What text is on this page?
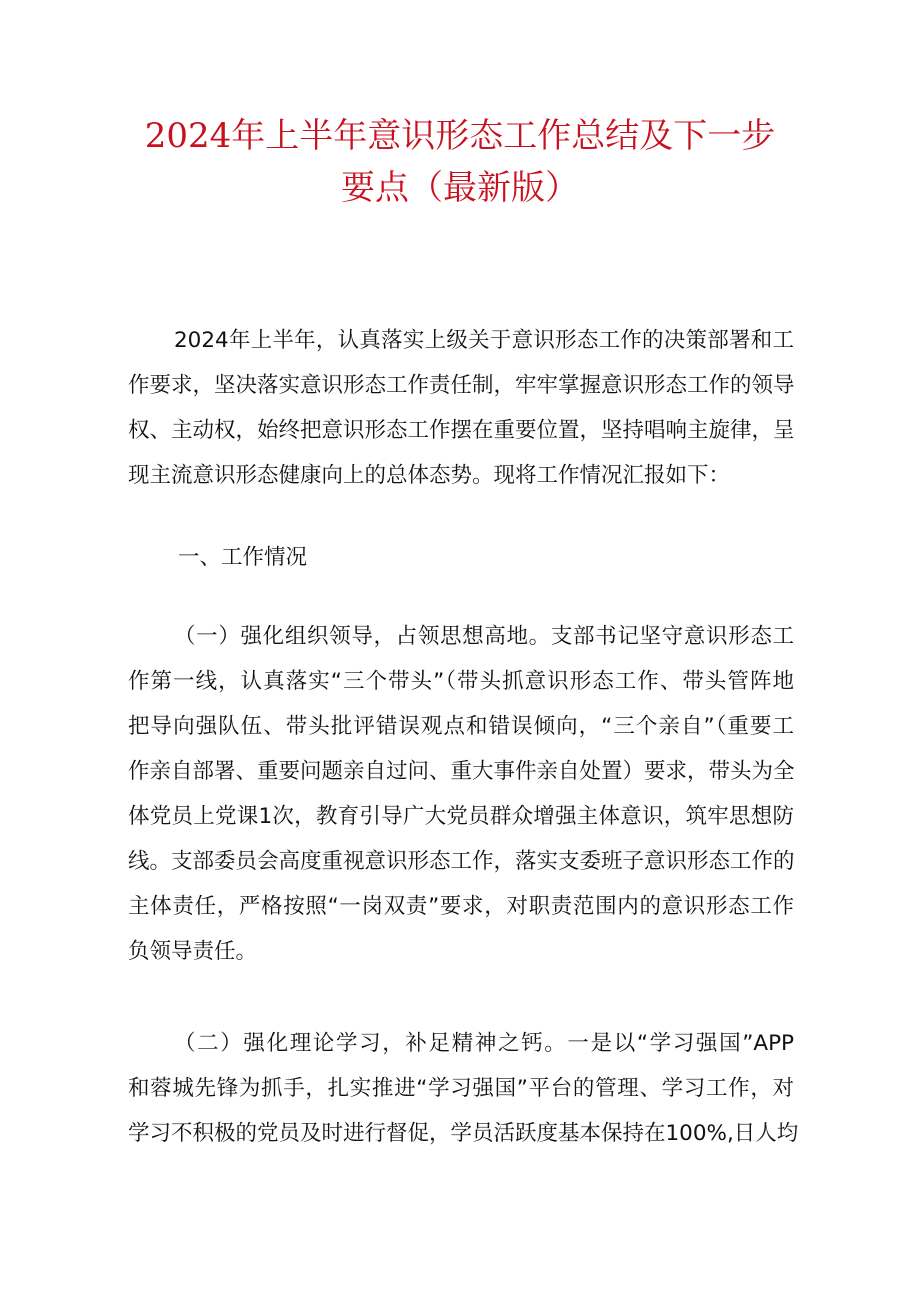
2024年上半年意识形态工作总结及下一步
要点（最新版）
2024年上半年，认真落实上级关于意识形态工作的决策部署和工
作要求，坚决落实意识形态工作责任制，牢牢掌握意识形态工作的领导
权、主动权，始终把意识形态工作摆在重要位置，坚持唱响主旋律，呈
现主流意识形态健康向上的总体态势。现将工作情况汇报如下：
一、工作情况
（一）强化组织领导，占领思想高地。支部书记坚守意识形态工
作第一线，认真落实“三个带头”（带头抓意识形态工作、带头管阵地
把导向强队伍、带头批评错误观点和错误倾向，“三个亲自”（重要工
作亲自部署、重要问题亲自过问、重大事件亲自处置）要求，带头为全
体党员上党课1次，教育引导广大党员群众增强主体意识，筑牢思想防
线。支部委员会高度重视意识形态工作，落实支委班子意识形态工作的
主体责任，严格按照“一岗双责”要求，对职责范围内的意识形态工作
负领导责任。
（二）强化理论学习，补足精神之钙。一是以“学习强国”APP
和蓉城先锋为抓手，扎实推进“学习强国”平台的管理、学习工作，对
学习不积极的党员及时进行督促，学员活跃度基本保持在100%,日人均
